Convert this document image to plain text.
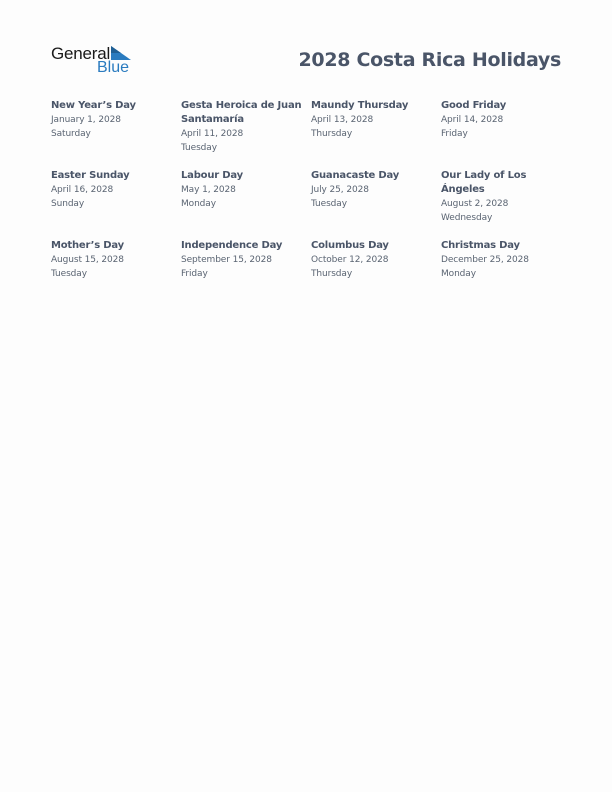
General
Blue	2028 Costa Rica Holidays
New Year’s Day
January 1, 2028
Saturday
Gesta Heroica de Juan Santamaría
April 11, 2028
Tuesday
Maundy Thursday
April 13, 2028
Thursday
Good Friday
April 14, 2028
Friday
Easter Sunday
April 16, 2028
Sunday
Labour Day
May 1, 2028
Monday
Guanacaste Day
July 25, 2028
Tuesday
Our Lady of Los Ángeles
August 2, 2028
Wednesday
Mother’s Day
August 15, 2028
Tuesday
Independence Day
September 15, 2028
Friday
Columbus Day
October 12, 2028
Thursday
Christmas Day
December 25, 2028
Monday
